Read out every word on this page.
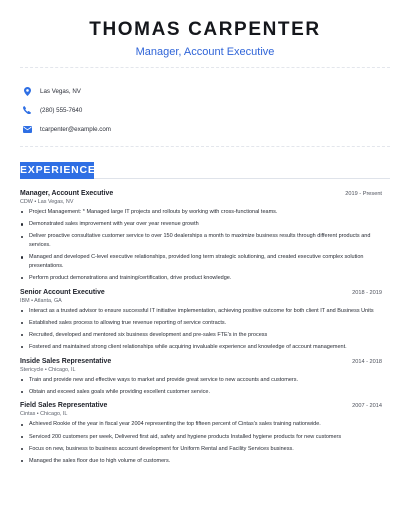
THOMAS CARPENTER
Manager, Account Executive
Las Vegas, NV
(280) 555-7640
tcarpenter@example.com
EXPERIENCE
Manager, Account Executive	2019 - Present
CDW • Las Vegas, NV
Project Management: * Managed large IT projects and rollouts by working with cross-functional teams.
Demonstrated sales improvement with year over year revenue growth
Deliver proactive consultative customer service to over 150 dealerships a month to maximize business results through different products and services.
Managed and developed C-level executive relationships, provided long term strategic solutioning, and created executive complex solution presentations.
Perform product demonstrations and training/certification, drive product knowledge.
Senior Account Executive	2018 - 2019
IBM • Atlanta, GA
Interact as a trusted advisor to ensure successful IT initiative implementation, achieving positive outcome for both client IT and Business Units
Established sales process to allowing true revenue reporting of service contracts.
Recruited, developed and mentored six business development and pre-sales FTE's in the process
Fostered and maintained strong client relationships while acquiring invaluable experience and knowledge of account management.
Inside Sales Representative	2014 - 2018
Stericycle • Chicago, IL
Train and provide new and effective ways to market and provide great service to new accounts and customers.
Obtain and exceed sales goals while providing excellent customer service.
Field Sales Representative	2007 - 2014
Cintas • Chicago, IL
Achieved Rookie of the year in fiscal year 2004 representing the top fifteen percent of Cintas's sales training nationwide.
Serviced 200 customers per week, Delivered first aid, safety and hygiene products Installed hygiene products for new customers
Focus on new, business to business account development for Uniform Rental and Facility Services business.
Managed the sales floor due to high volume of customers.
